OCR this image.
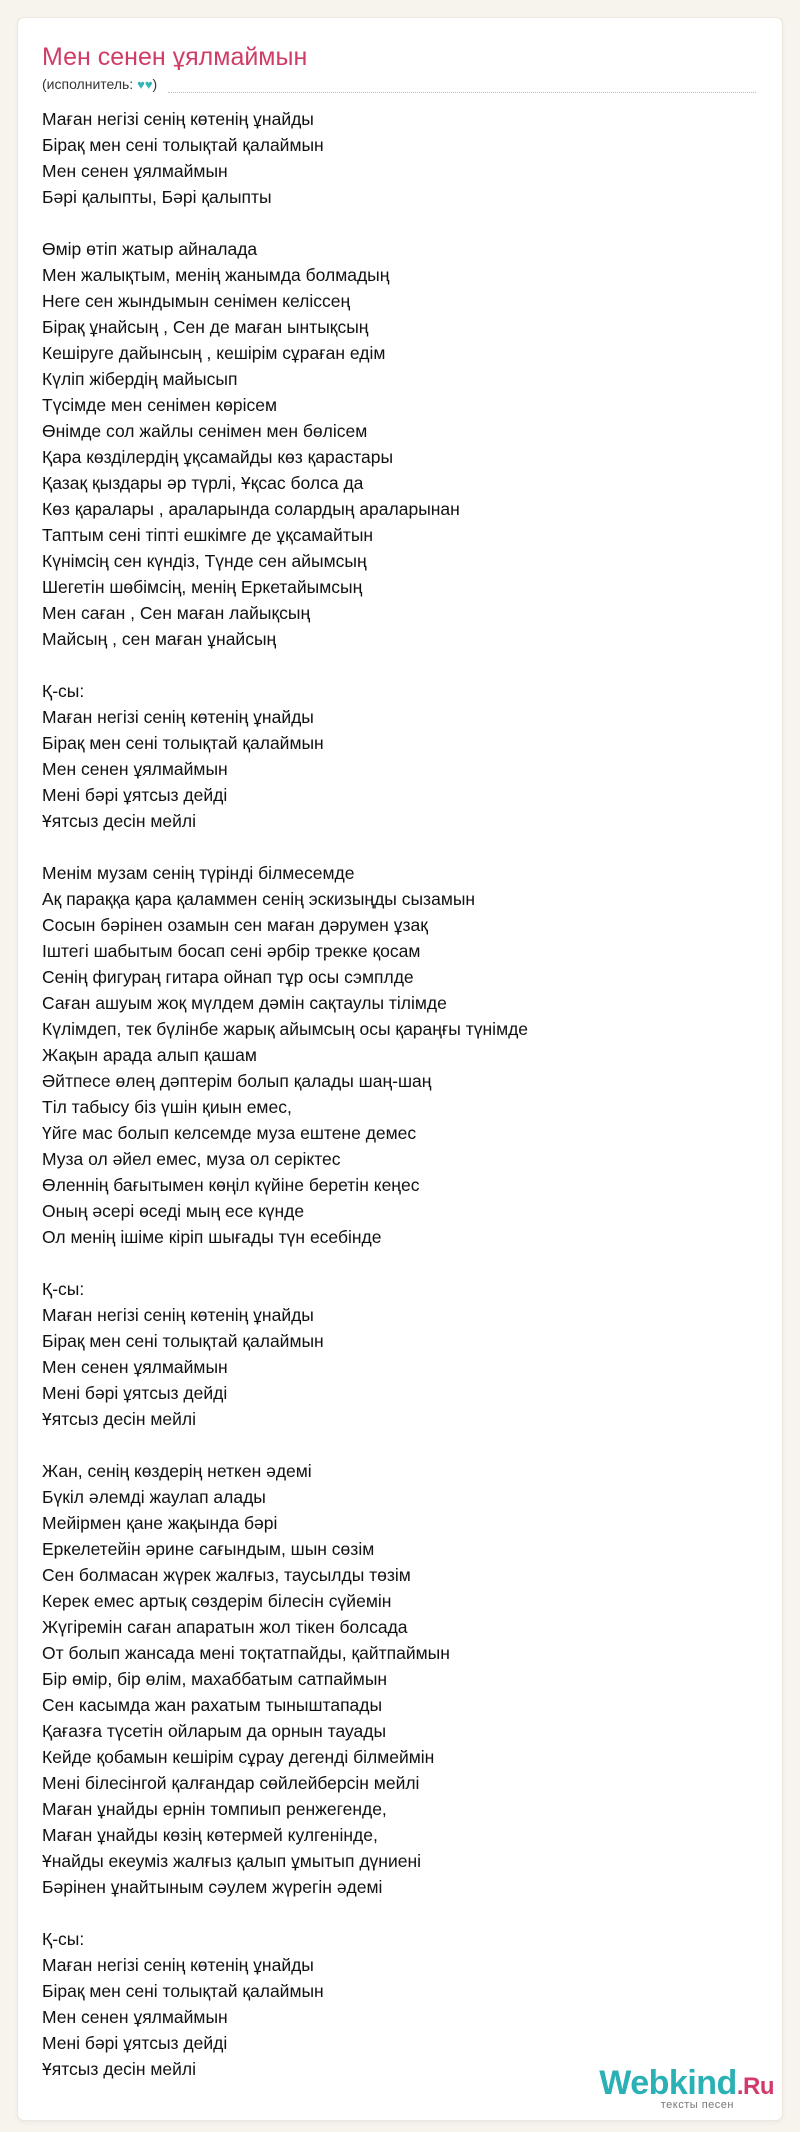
Мен сенен ұялмаймын
(исполнитель: ♥♥)
Маған негізі сенің көтенің ұнайды
Бірақ мен сені толықтай қалаймын
Мен сенен ұялмаймын
Бәрі қалыпты, Бәрі қалыпты
Өмір өтіп жатыр айналада
Мен жалықтым, менің жанымда болмадың
Неге сен жындымын сенімен келіссең
Бірақ ұнайсың , Сен де маған ынтықсың
Кешіруге дайынсың , кешірім сұраған едім
Күліп жібердің майысып
Түсімде мен сенімен көрісем
Өнімде сол жайлы сенімен мен бөлісем
Қара көзділердің ұқсамайды көз қарастары
Қазақ қыздары әр түрлі, Ұқсас болса да
Көз қаралары , араларында солардың араларынан
Таптым сені тіпті ешкімге де ұқсамайтын
Күнімсің сен күндіз, Түнде сен айымсың
Шегетін шөбімсің, менің Еркетайымсың
Мен саған , Сен маған лайықсың
Майсың , сен маған ұнайсың
Қ-сы:
Маған негізі сенің көтенің ұнайды
Бірақ мен сені толықтай қалаймын
Мен сенен ұялмаймын
Мені бәрі ұятсыз дейді
Ұятсыз десін мейлі
Менім музам сенің түрінді білмесемде
Ақ параққа қара қаламмен сенің эскизыңды сызамын
Сосын бәрінен озамын сен маған дәрумен ұзақ
Іштегі шабытым босап сені әрбір трекке қосам
Сенің фигураң гитара ойнап тұр осы сэмплде
Саған ашуым жоқ мүлдем дәмін сақтаулы тілімде
Күлімдеп, тек бүлінбе жарық айымсың осы қараңғы түнімде
Жақын арада алып қашам
Әйтпесе өлең дәптерім болып қалады шаң-шаң
Тіл табысу біз үшін қиын емес,
Үйге мас болып келсемде муза ештене демес
Муза ол әйел емес, муза ол серіктес
Өленнің бағытымен көңіл күйіне беретін кеңес
Оның әсері өседі мың есе күнде
Ол менің ішіме кіріп шығады түн есебінде
Қ-сы:
Маған негізі сенің көтенің ұнайды
Бірақ мен сені толықтай қалаймын
Мен сенен ұялмаймын
Мені бәрі ұятсыз дейді
Ұятсыз десін мейлі
Жан, сенің көздерің неткен әдемі
Бүкіл әлемді жаулап алады
Мейірмен қане жақында бәрі
Еркелетейін әрине сағындым, шын сөзім
Сен болмасан жүрек жалғыз, таусылды төзім
Керек емес артық сөздерім білесін сүйемін
Жүгіремін саған апаратын жол тікен болсада
От болып жансада мені тоқтатпайды, қайтпаймын
Бір өмір, бір өлім, махаббатым сатпаймын
Сен касымда жан рахатым тыныштапады
Қағазға түсетін ойларым да орнын тауады
Кейде қобамын кешірім сұрау дегенді білмеймін
Мені білесінгой қалғандар сөйлейберсін мейлі
Маған ұнайды ернін томпиып ренжегенде,
Маған ұнайды көзің көтермей кулгенінде,
Ұнайды екеуміз жалғыз қалып ұмытып дүниені
Бәрінен ұнайтыным сәулем жүрегін әдемі
Қ-сы:
Маған негізі сенің көтенің ұнайды
Бірақ мен сені толықтай қалаймын
Мен сенен ұялмаймын
Мені бәрі ұятсыз дейді
Ұятсыз десін мейлі	Webkind.Ru
тексты песен
